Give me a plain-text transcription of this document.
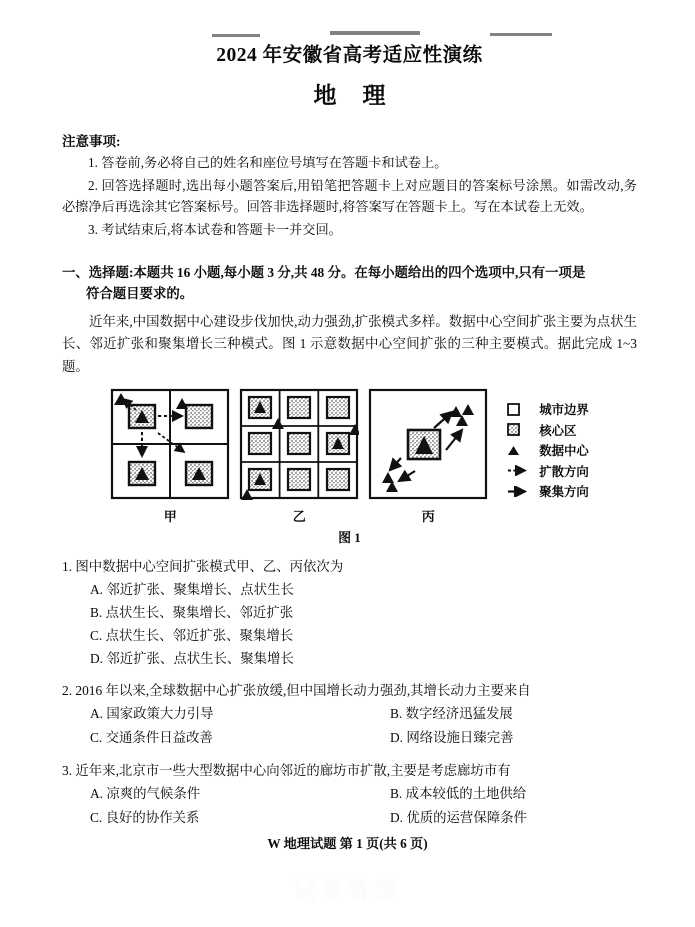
2024 年安徽省高考适应性演练
地理
注意事项:

1. 答卷前,务必将自己的姓名和座位号填写在答题卡和试卷上。

2. 回答选择题时,选出每小题答案后,用铅笔把答题卡上对应题目的答案标号涂黑。如需改动,务必擦净后再选涂其它答案标号。回答非选择题时,将答案写在答题卡上。写在本试卷上无效。

3. 考试结束后,将本试卷和答题卡一并交回。

一、选择题:本题共 16 小题,每小题 3 分,共 48 分。在每小题给出的四个选项中,只有一项是
符合题目要求的。

近年来,中国数据中心建设步伐加快,动力强劲,扩张模式多样。数据中心空间扩张主要为点状生长、邻近扩张和聚集增长三种模式。图 1 示意数据中心空间扩张的三种主要模式。据此完成 1~3 题。

甲	乙	丙
城市边界
核心区
数据中心
扩散方向
聚集方向
图 1
1. 图中数据中心空间扩张模式甲、乙、丙依次为
A. 邻近扩张、聚集增长、点状生长
B. 点状生长、聚集增长、邻近扩张
C. 点状生长、邻近扩张、聚集增长
D. 邻近扩张、点状生长、聚集增长
2. 2016 年以来,全球数据中心扩张放缓,但中国增长动力强劲,其增长动力主要来自
A. 国家政策大力引导	B. 数字经济迅猛发展
C. 交通条件日益改善	D. 网络设施日臻完善
3. 近年来,北京市一些大型数据中心向邻近的廊坊市扩散,主要是考虑廊坊市有
A. 凉爽的气候条件	B. 成本较低的土地供给
C. 良好的协作关系	D. 优质的运营保障条件
W 地理试题 第 1 页(共 6 页)
试卷答案
